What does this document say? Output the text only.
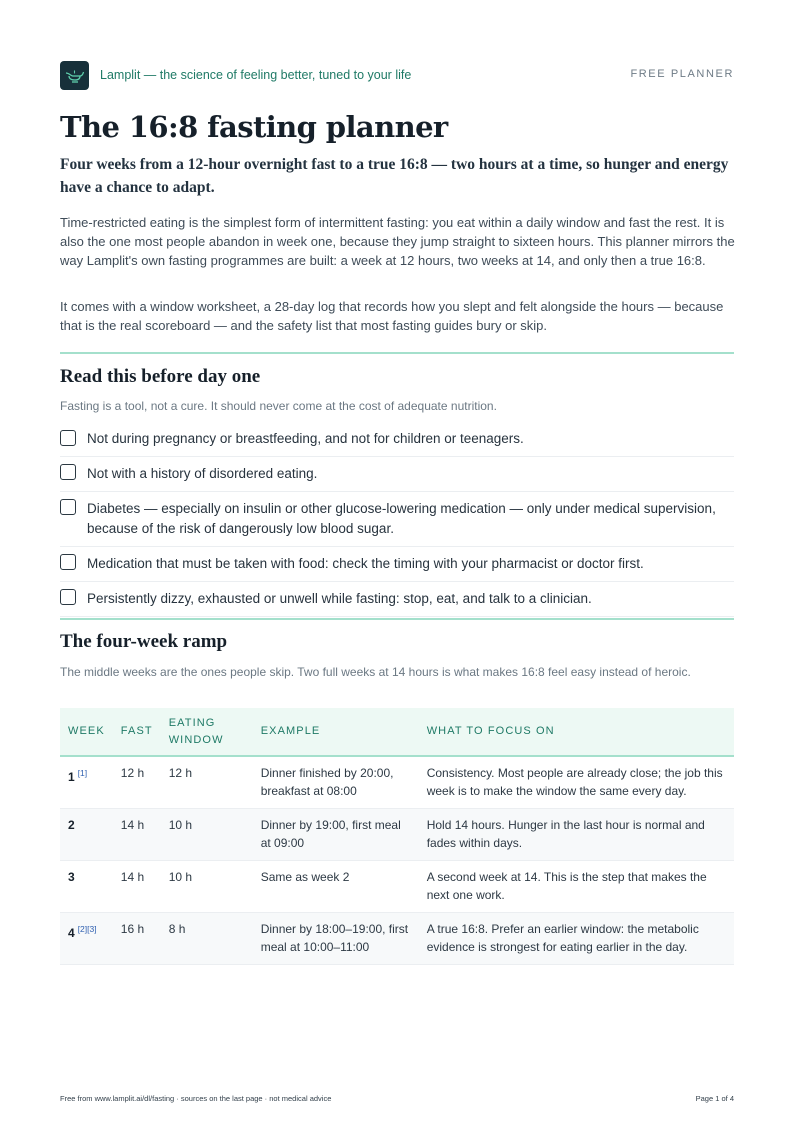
Lamplit — the science of feeling better, tuned to your life	FREE PLANNER
The 16:8 fasting planner

Four weeks from a 12-hour overnight fast to a true 16:8 — two hours at a time, so hunger and energy have a chance to adapt.

Time-restricted eating is the simplest form of intermittent fasting: you eat within a daily window and fast the rest. It is also the one most people abandon in week one, because they jump straight to sixteen hours. This planner mirrors the way Lamplit's own fasting programmes are built: a week at 12 hours, two weeks at 14, and only then a true 16:8.

It comes with a window worksheet, a 28-day log that records how you slept and felt alongside the hours — because that is the real scoreboard — and the safety list that most fasting guides bury or skip.

Read this before day one

Fasting is a tool, not a cure. It should never come at the cost of adequate nutrition.

Not during pregnancy or breastfeeding, and not for children or teenagers.
Not with a history of disordered eating.
Diabetes — especially on insulin or other glucose-lowering medication — only under medical supervision, because of the risk of dangerously low blood sugar.
Medication that must be taken with food: check the timing with your pharmacist or doctor first.
Persistently dizzy, exhausted or unwell while fasting: stop, eat, and talk to a clinician.
The four-week ramp

The middle weeks are the ones people skip. Two full weeks at 14 hours is what makes 16:8 feel easy instead of heroic.

WEEK	FAST	EATING WINDOW	EXAMPLE	WHAT TO FOCUS ON
1 [1]	12 h	12 h	Dinner finished by 20:00, breakfast at 08:00	Consistency. Most people are already close; the job this week is to make the window the same every day.
2	14 h	10 h	Dinner by 19:00, first meal at 09:00	Hold 14 hours. Hunger in the last hour is normal and fades within days.
3	14 h	10 h	Same as week 2	A second week at 14. This is the step that makes the next one work.
4 [2][3]	16 h	8 h	Dinner by 18:00–19:00, first meal at 10:00–11:00	A true 16:8. Prefer an earlier window: the metabolic evidence is strongest for eating earlier in the day.
Free from www.lamplit.ai/dl/fasting · sources on the last page · not medical advice	Page 1 of 4
